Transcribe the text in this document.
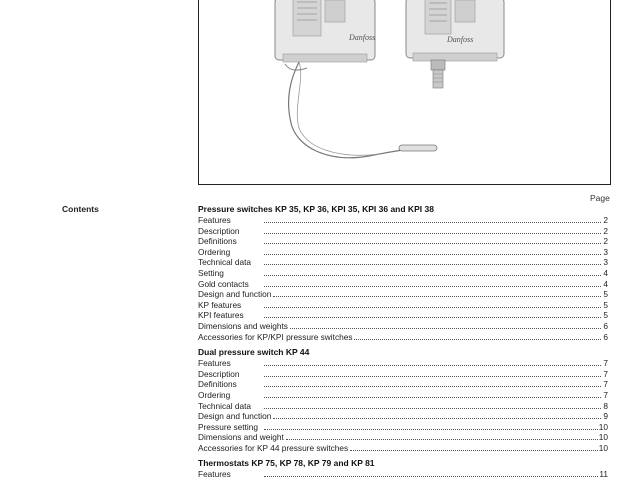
Danfoss	Danfoss
Page
Contents	Pressure switches KP 35, KP 36, KPI 35, KPI 36 and KPI 38
Features	2
Description	2
Definitions	2
Ordering	3
Technical data	3
Setting	4
Gold contacts	4
Design and function	5
KP features	5
KPI features	5
Dimensions and weights	6
Accessories for KP/KPI pressure switches	6
Dual pressure switch KP 44
Features	7
Description	7
Definitions	7
Ordering	7
Technical data	8
Design and function	9
Pressure setting	10
Dimensions and weight	10
Accessories for KP 44 pressure switches	10
Thermostats KP 75, KP 78, KP 79 and KP 81
Features	11
